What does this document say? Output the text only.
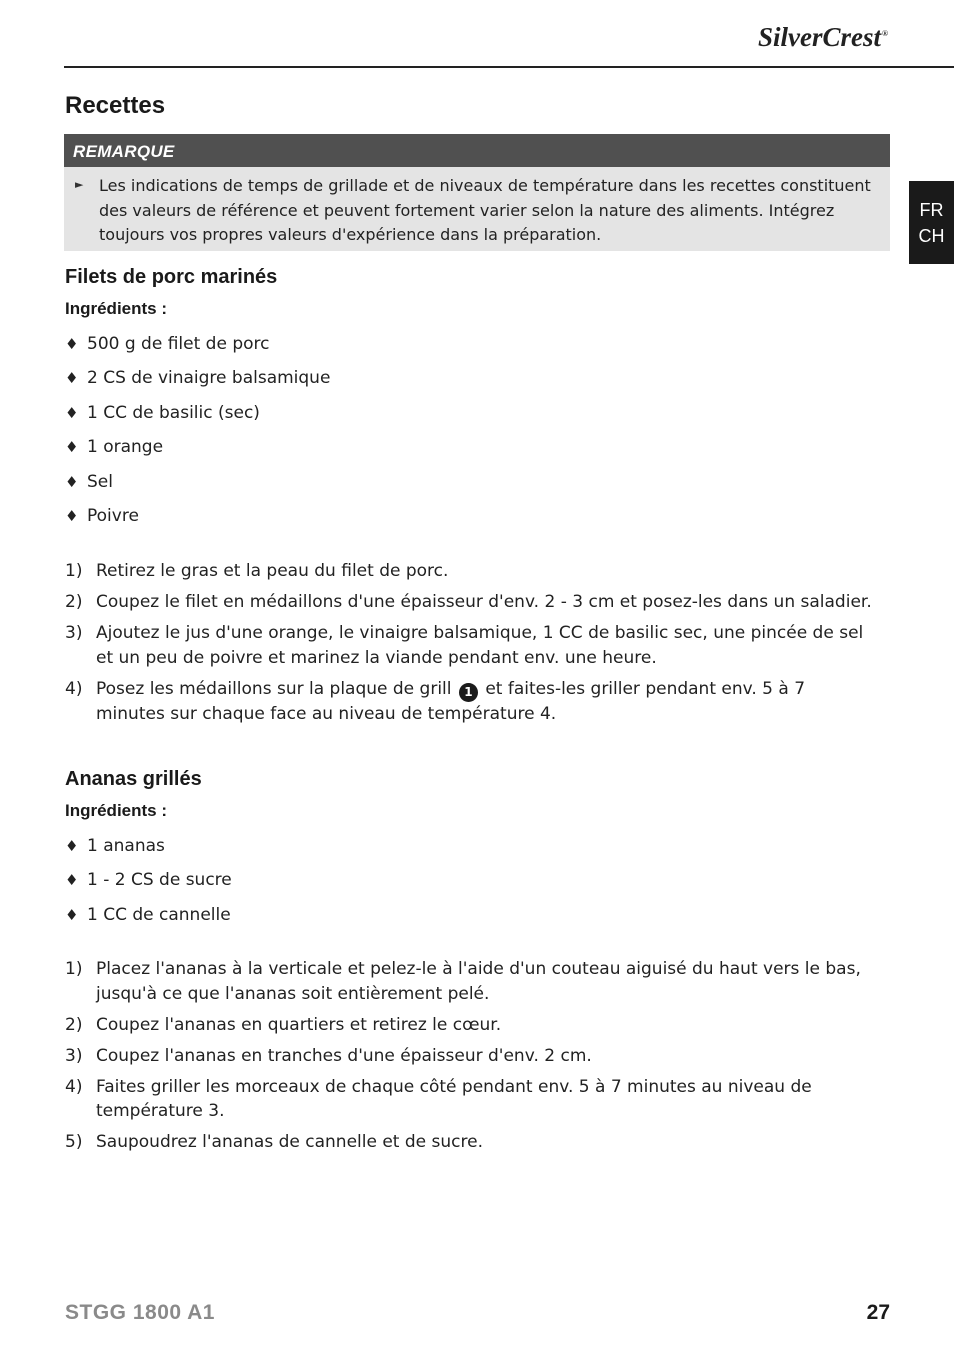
SilverCrest®
FR
CH
Recettes
REMARQUE
► Les indications de temps de grillade et de niveaux de température dans les recettes constituent des valeurs de référence et peuvent fortement varier selon la nature des aliments. Intégrez toujours vos propres valeurs d'expérience dans la préparation.
Filets de porc marinés
Ingrédients :
♦ 500 g de filet de porc
♦ 2 CS de vinaigre balsamique
♦ 1 CC de basilic (sec)
♦ 1 orange
♦ Sel
♦ Poivre
1) Retirez le gras et la peau du filet de porc.
2) Coupez le filet en médaillons d'une épaisseur d'env. 2 - 3 cm et posez-les dans un saladier.
3) Ajoutez le jus d'une orange, le vinaigre balsamique, 1 CC de basilic sec, une pincée de sel et un peu de poivre et marinez la viande pendant env. une heure.
4) Posez les médaillons sur la plaque de grill 1 et faites-les griller pendant env. 5 à 7 minutes sur chaque face au niveau de température 4.
Ananas grillés
Ingrédients :
♦ 1 ananas
♦ 1 - 2 CS de sucre
♦ 1 CC de cannelle
1) Placez l'ananas à la verticale et pelez-le à l'aide d'un couteau aiguisé du haut vers le bas, jusqu'à ce que l'ananas soit entièrement pelé.
2) Coupez l'ananas en quartiers et retirez le cœur.
3) Coupez l'ananas en tranches d'une épaisseur d'env. 2 cm.
4) Faites griller les morceaux de chaque côté pendant env. 5 à 7 minutes au niveau de température 3.
5) Saupoudrez l'ananas de cannelle et de sucre.
STGG 1800 A1	27
